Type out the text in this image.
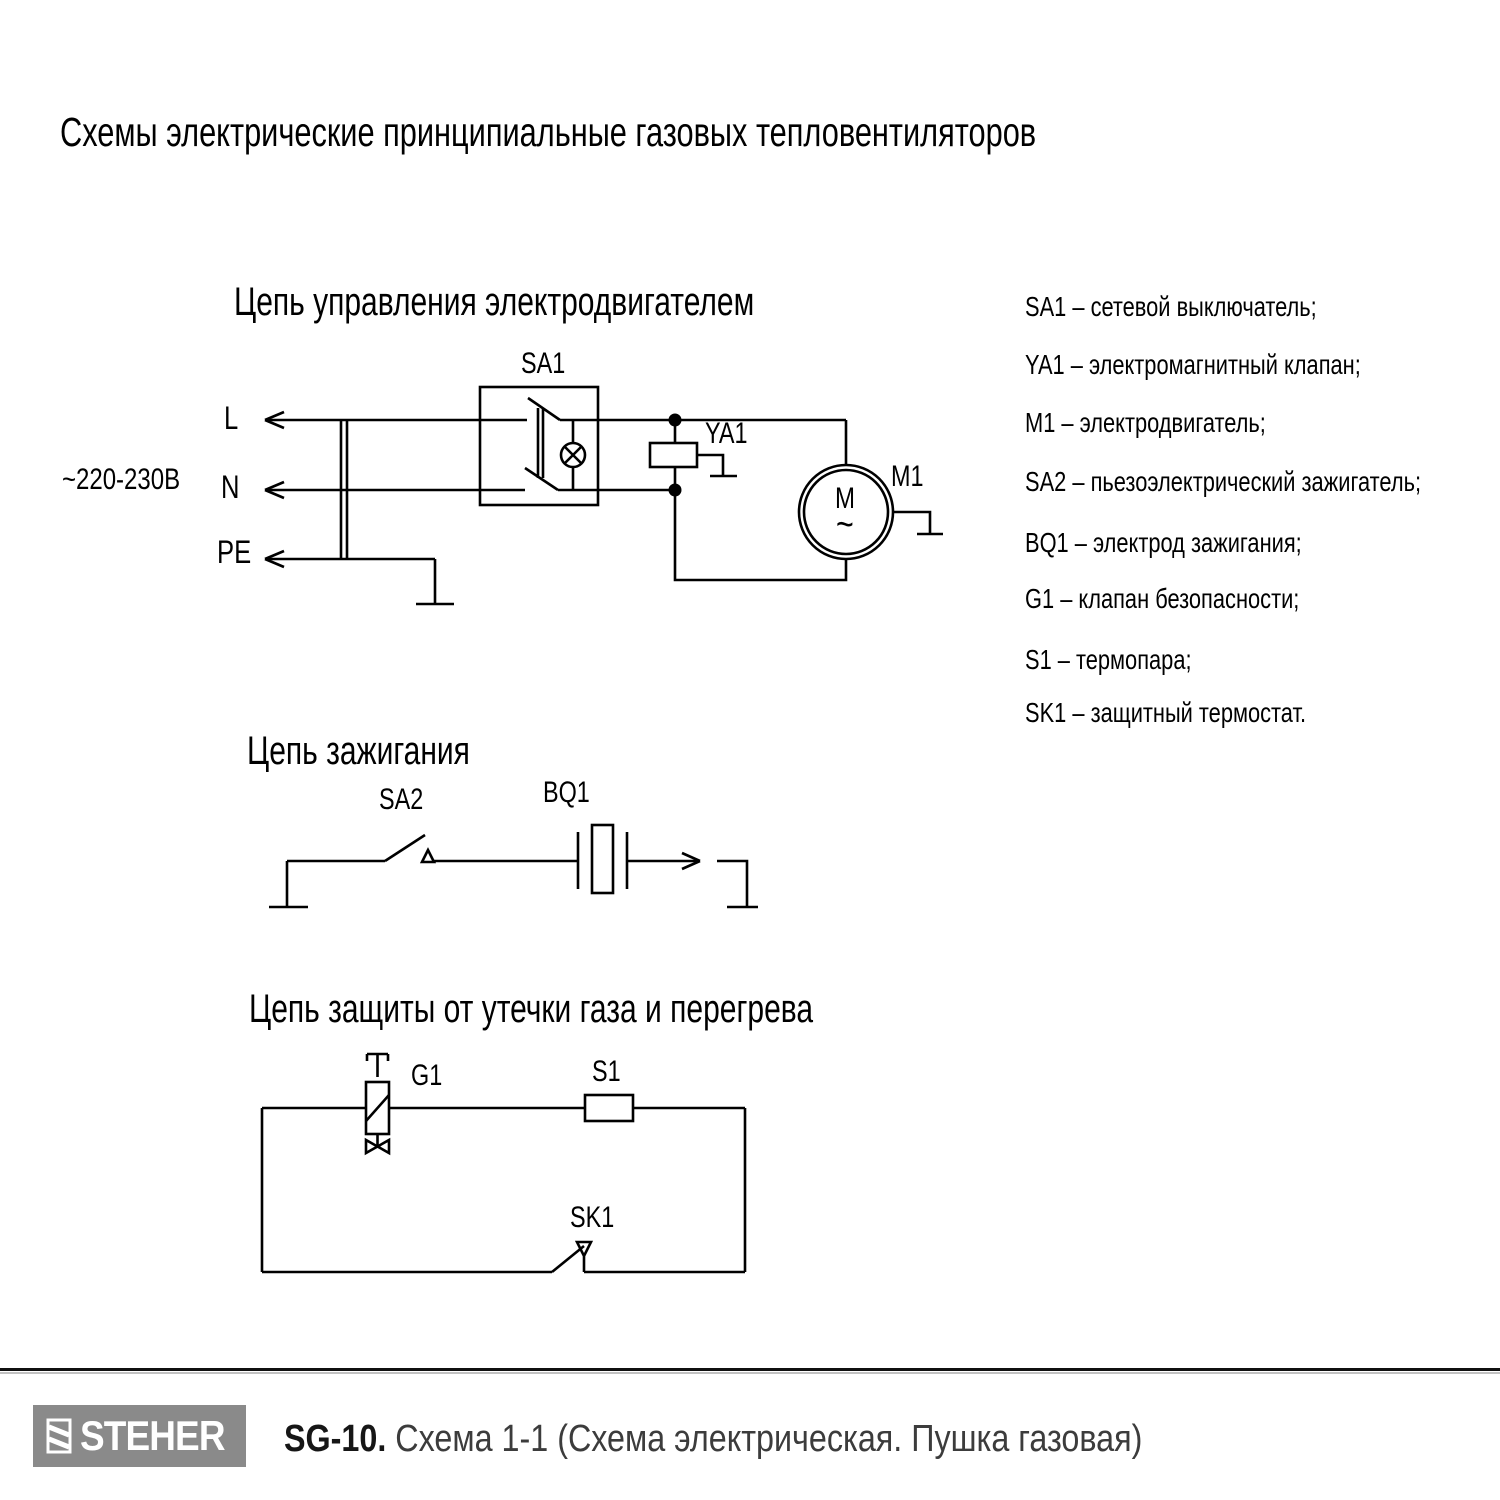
Схемы электрические принципиальные газовых тепловентиляторов
Цепь управления электродвигателем
~220-230В
L
N
PE
SA1
YA1
M1
M
~
SA1 – сетевой выключатель;
YA1 – электромагнитный клапан;
M1 – электродвигатель;
SA2 – пьезоэлектрический зажигатель;
BQ1 – электрод зажигания;
G1 – клапан безопасности;
S1 – термопара;
SK1 – защитный термостат.
Цепь зажигания
SA2	BQ1
Цепь защиты от утечки газа и перегрева
G1	S1
SK1
STEHER SG-10. Схема 1-1 (Схема электрическая. Пушка газовая)
